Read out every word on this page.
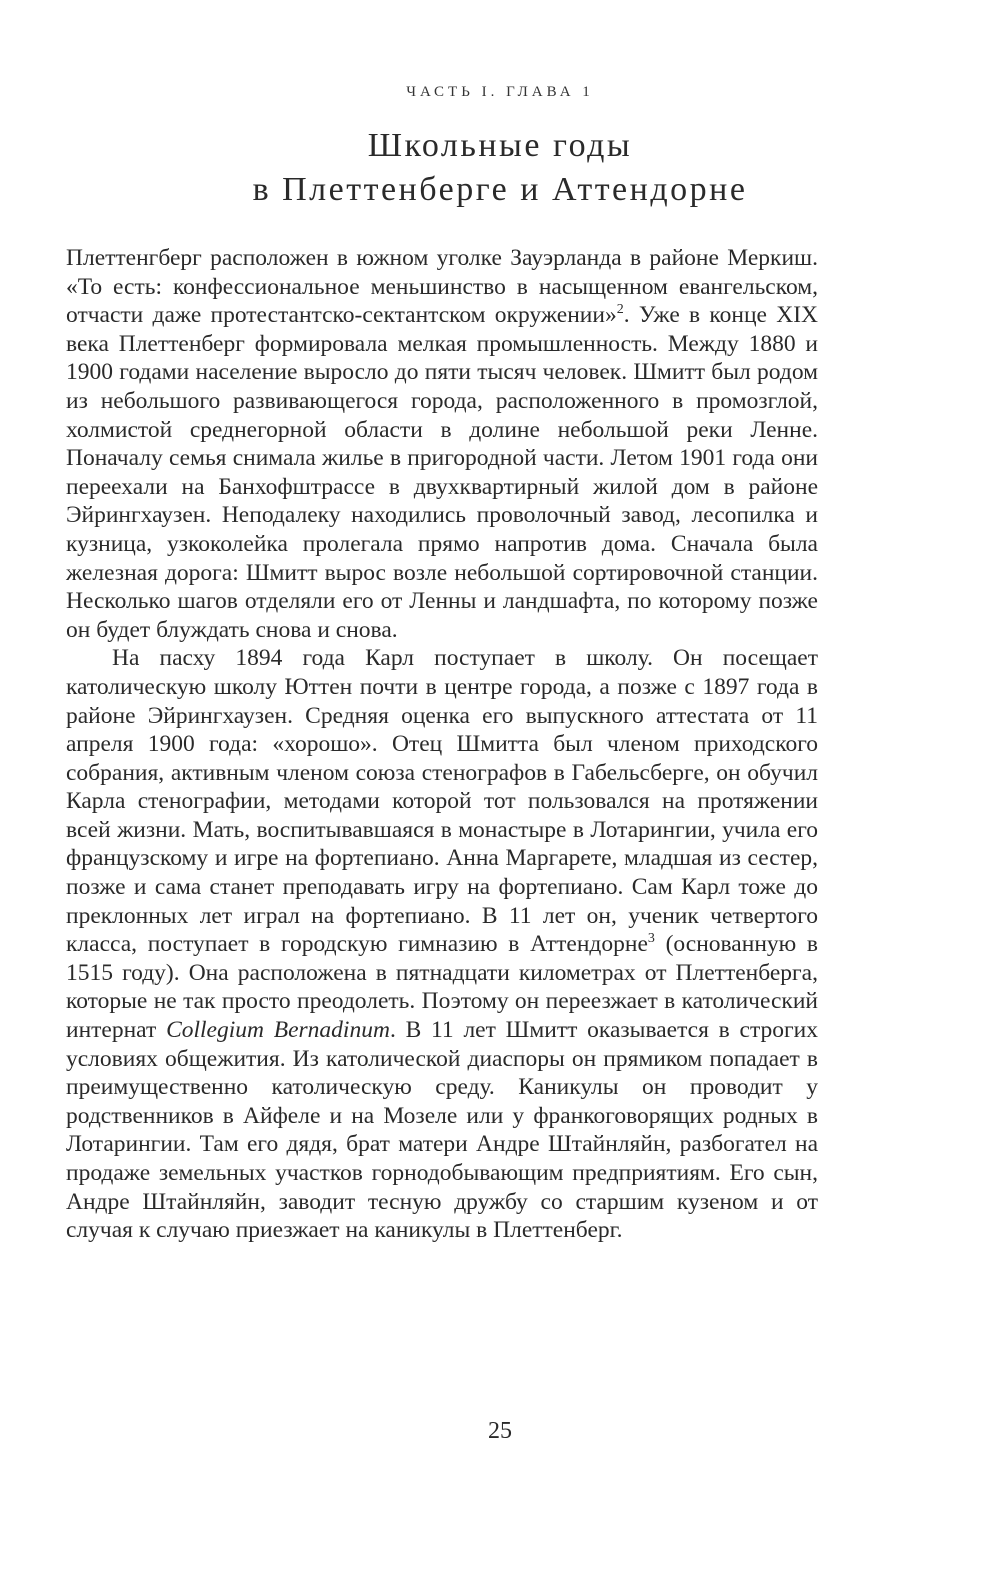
ЧАСТЬ I. ГЛАВА 1
Школьные годы
в Плеттенберге и Аттендорне

Плеттенгберг расположен в южном уголке Зауэрланда в районе Меркиш. «То есть: конфессиональное меньшинство в насыщенном евангельском, отчасти даже протестантско-сектантском окружении»$^2$. Уже в конце XIX века Плеттенберг формировала мелкая промышленность. Между 1880 и 1900 годами население выросло до пяти тысяч человек. Шмитт был родом из небольшого развивающегося города, расположенного в промозглой, холмистой среднегорной области в долине небольшой реки Ленне. Поначалу семья снимала жилье в пригородной части. Летом 1901 года они переехали на Банхофштрассе в двухквартирный жилой дом в районе Эйрингхаузен. Неподалеку находились проволочный завод, лесопилка и кузница, узкоколейка пролегала прямо напротив дома. Сначала была железная дорога: Шмитт вырос возле небольшой сортировочной станции. Несколько шагов отделяли его от Ленны и ландшафта, по которому позже он будет блуждать снова и снова.

На пасху 1894 года Карл поступает в школу. Он посещает католическую школу Юттен почти в центре города, а позже с 1897 года в районе Эйрингхаузен. Средняя оценка его выпускного аттестата от 11 апреля 1900 года: «хорошо». Отец Шмитта был членом приходского собрания, активным членом союза стенографов в Габельсберге, он обучил Карла стенографии, методами которой тот пользовался на протяжении всей жизни. Мать, воспитывавшаяся в монастыре в Лотарингии, учила его французскому и игре на фортепиано. Анна Маргарете, младшая из сестер, позже и сама станет преподавать игру на фортепиано. Сам Карл тоже до преклонных лет играл на фортепиано. В 11 лет он, ученик четвертого класса, поступает в городскую гимназию в Аттендорне$^3$ (основанную в 1515 году). Она расположена в пятнадцати километрах от Плеттенберга, которые не так просто преодолеть. Поэтому он переезжает в католический интернат Collegium Bernadinum. В 11 лет Шмитт оказывается в строгих условиях общежития. Из католической диаспоры он прямиком попадает в преимущественно католическую среду. Каникулы он проводит у родственников в Айфеле и на Мозеле или у франкоговорящих родных в Лотарингии. Там его дядя, брат матери Андре Штайнляйн, разбогател на продаже земельных участков горнодобывающим предприятиям. Его сын, Андре Штайнляйн, заводит тесную дружбу со старшим кузеном и от случая к случаю приезжает на каникулы в Плеттенберг.

25
